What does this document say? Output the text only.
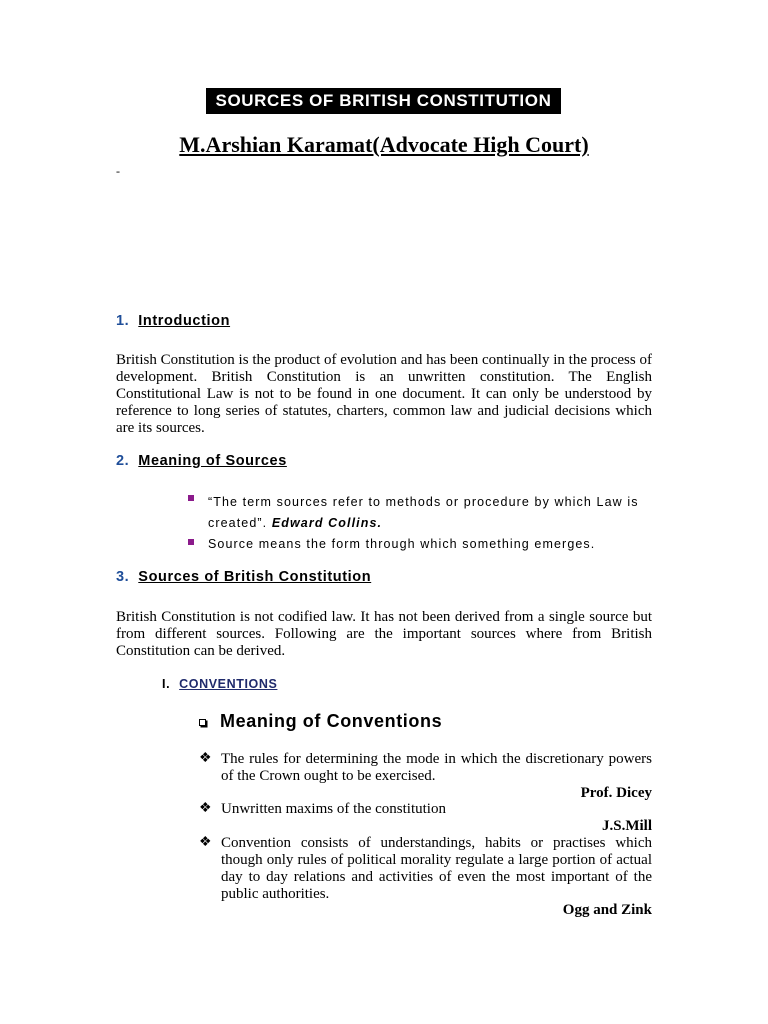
SOURCES OF BRITISH CONSTITUTION
M.Arshian Karamat(Advocate High Court)
-
1. Introduction
British Constitution is the product of evolution and has been continually in the process of development. British Constitution is an unwritten constitution. The English Constitutional Law is not to be found in one document. It can only be understood by reference to long series of statutes, charters, common law and judicial decisions which are its sources.
2. Meaning of Sources
“The term sources refer to methods or procedure by which Law is created”. Edward Collins.
Source means the form through which something emerges.
3. Sources of British Constitution
British Constitution is not codified law. It has not been derived from a single source but from different sources. Following are the important sources where from British Constitution can be derived.
I. CONVENTIONS
Meaning of Conventions
❖ The rules for determining the mode in which the discretionary powers of the Crown ought to be exercised.
Prof. Dicey
❖ Unwritten maxims of the constitution
J.S.Mill
❖ Convention consists of understandings, habits or practises which though only rules of political morality regulate a large portion of actual day to day relations and activities of even the most important of the public authorities.
Ogg and Zink
